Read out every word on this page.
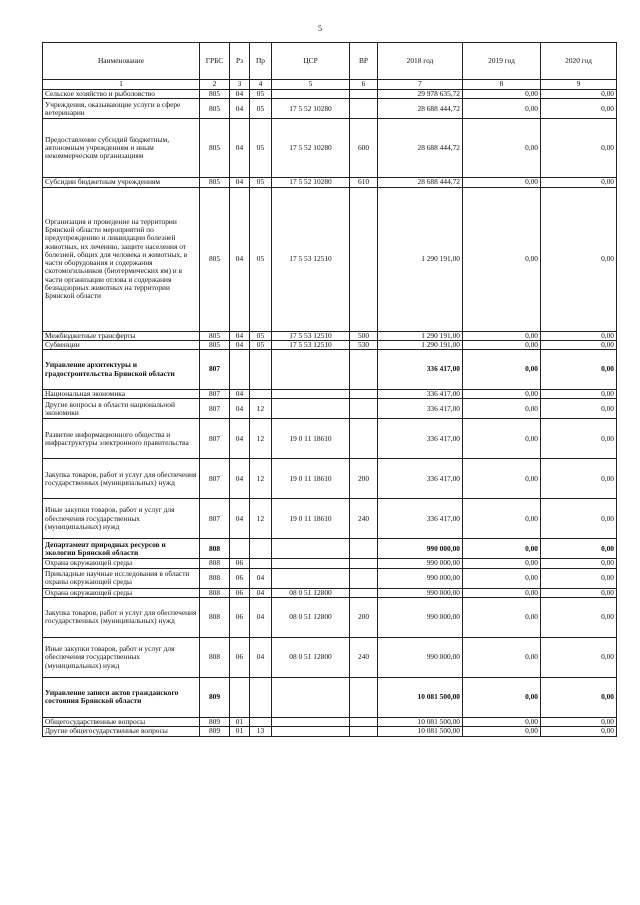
5
Наименование	ГРБС	Рз	Пр	ЦСР	ВР	2018 год	2019 год	2020 год
1	2	3	4	5	6	7	8	9
Сельское хозяйство и рыболовство	805	04	05			29 978 635,72	0,00	0,00
Учреждения, оказывающие услуги в сфере ветеринарии	805	04	05	17 5 52 10280		28 688 444,72	0,00	0,00
Предоставление субсидий бюджетным, автономным учреждениям и иным некоммерческим организациям	805	04	05	17 5 52 10280	600	28 688 444,72	0,00	0,00
Субсидии бюджетным учреждениям	805	04	05	17 5 52 10280	610	28 688 444,72	0,00	0,00
Организация и проведение на территории Брянской области мероприятий по предупреждению и ликвидации болезней животных, их лечению, защите населения от болезней, общих для человека и животных, в части оборудования и содержания скотомогильников (биотермических ям) и в части организации отлова и содержания безнадзорных животных на территории Брянской области	805	04	05	17 5 53 12510		1 290 191,00	0,00	0,00
Межбюджетные трансферты	805	04	05	17 5 53 12510	500	1 290 191,00	0,00	0,00
Субвенции	805	04	05	17 5 53 12510	530	1 290 191,00	0,00	0,00
Управление архитектуры и градостроительства Брянской области	807					336 417,00	0,00	0,00
Национальная экономика	807	04				336 417,00	0,00	0,00
Другие вопросы в области национальной экономики	807	04	12			336 417,00	0,00	0,00
Развитие информационного общества и инфраструктуры электронного правительства	807	04	12	19 0 11 18610		336 417,00	0,00	0,00
Закупка товаров, работ и услуг для обеспечения государственных (муниципальных) нужд	807	04	12	19 0 11 18610	200	336 417,00	0,00	0,00
Иные закупки товаров, работ и услуг для обеспечения государственных (муниципальных) нужд	807	04	12	19 0 11 18610	240	336 417,00	0,00	0,00
Департамент природных ресурсов и экологии Брянской области	808					990 000,00	0,00	0,00
Охрана окружающей среды	808	06				990 000,00	0,00	0,00
Прикладные научные исследования в области охраны окружающей среды	808	06	04			990 000,00	0,00	0,00
Охрана окружающей среды	808	06	04	08 0 51 12800		990 000,00	0,00	0,00
Закупка товаров, работ и услуг для обеспечения государственных (муниципальных) нужд	808	06	04	08 0 51 12800	200	990 000,00	0,00	0,00
Иные закупки товаров, работ и услуг для обеспечения государственных (муниципальных) нужд	808	06	04	08 0 51 12800	240	990 000,00	0,00	0,00
Управление записи актов гражданского состояния Брянской области	809					10 081 500,00	0,00	0,00
Общегосударственные вопросы	809	01				10 081 500,00	0,00	0,00
Другие общегосударственные вопросы	809	01	13			10 081 500,00	0,00	0,00
